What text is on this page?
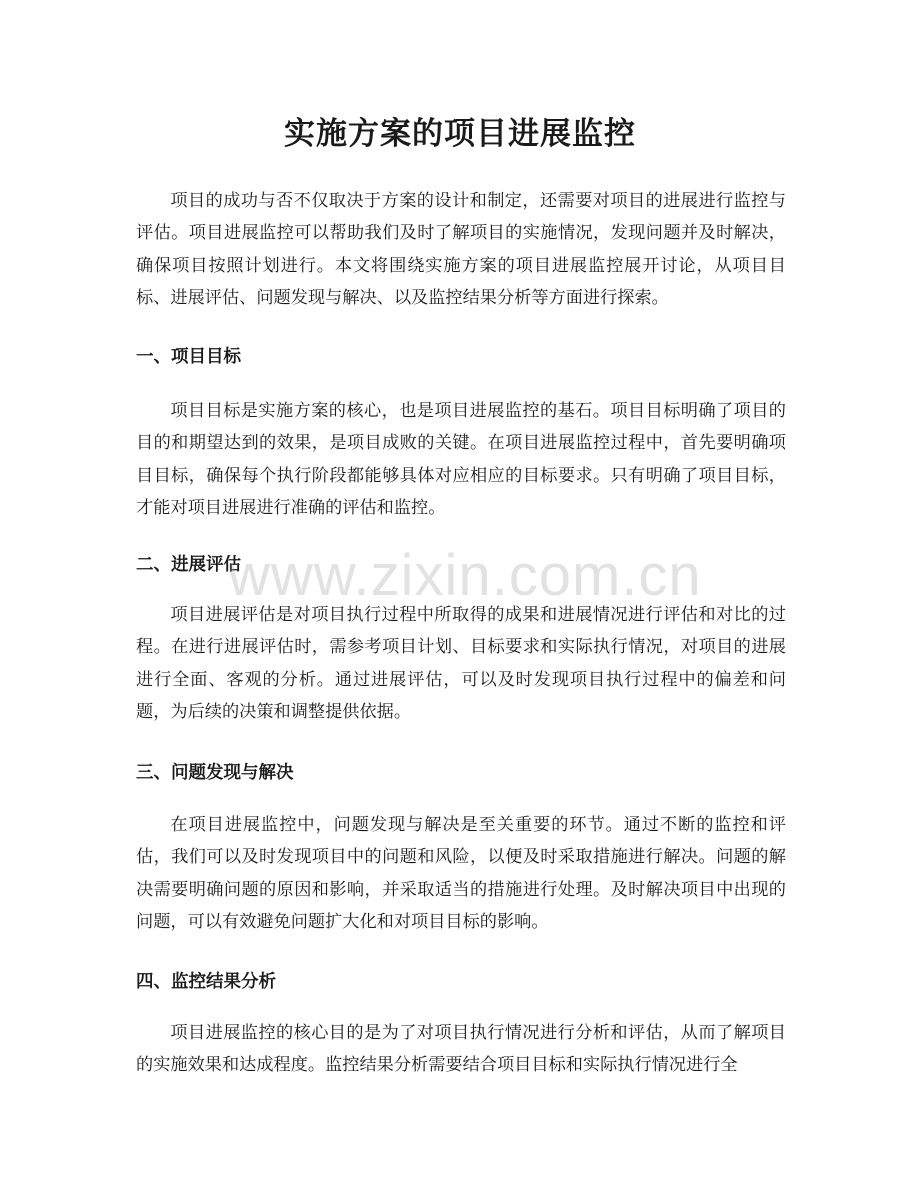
实施方案的项目进展监控

项目的成功与否不仅取决于方案的设计和制定，还需要对项目的进展进行监控与评估。项目进展监控可以帮助我们及时了解项目的实施情况，发现问题并及时解决，确保项目按照计划进行。本文将围绕实施方案的项目进展监控展开讨论，从项目目标、进展评估、问题发现与解决、以及监控结果分析等方面进行探索。

一、项目目标

项目目标是实施方案的核心，也是项目进展监控的基石。项目目标明确了项目的目的和期望达到的效果，是项目成败的关键。在项目进展监控过程中，首先要明确项目目标，确保每个执行阶段都能够具体对应相应的目标要求。只有明确了项目目标，才能对项目进展进行准确的评估和监控。

二、进展评估

项目进展评估是对项目执行过程中所取得的成果和进展情况进行评估和对比的过程。在进行进展评估时，需参考项目计划、目标要求和实际执行情况，对项目的进展进行全面、客观的分析。通过进展评估，可以及时发现项目执行过程中的偏差和问题，为后续的决策和调整提供依据。

三、问题发现与解决

在项目进展监控中，问题发现与解决是至关重要的环节。通过不断的监控和评估，我们可以及时发现项目中的问题和风险，以便及时采取措施进行解决。问题的解决需要明确问题的原因和影响，并采取适当的措施进行处理。及时解决项目中出现的问题，可以有效避免问题扩大化和对项目目标的影响。

四、监控结果分析

项目进展监控的核心目的是为了对项目执行情况进行分析和评估，从而了解项目的实施效果和达成程度。监控结果分析需要结合项目目标和实际执行情况进行全

www.zixin.com.cn
